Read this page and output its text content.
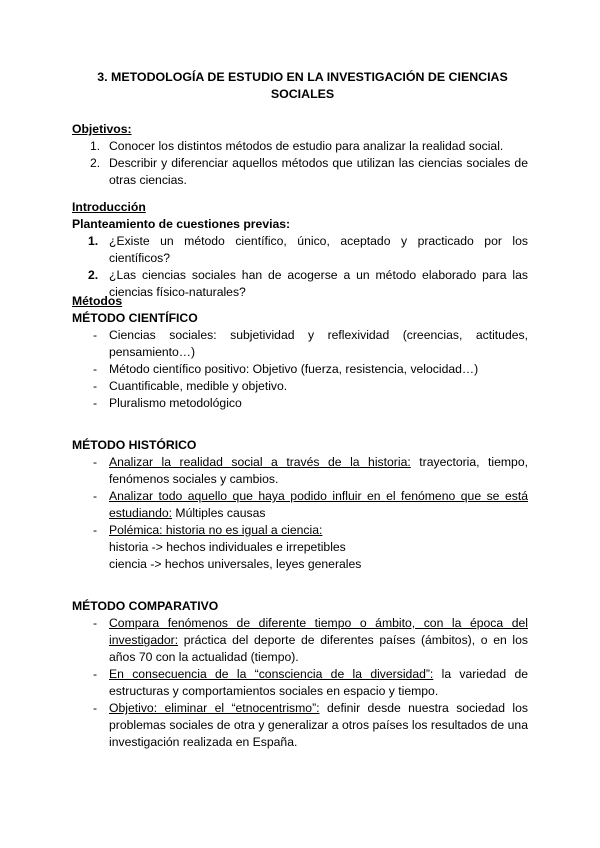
3. METODOLOGÍA DE ESTUDIO EN LA INVESTIGACIÓN DE CIENCIAS
SOCIALES
Objetivos:
1. Conocer los distintos métodos de estudio para analizar la realidad social.
2. Describir y diferenciar aquellos métodos que utilizan las ciencias sociales de otras ciencias.
Introducción
Planteamiento de cuestiones previas:
1. ¿Existe un método científico, único, aceptado y practicado por los científicos?
2. ¿Las ciencias sociales han de acogerse a un método elaborado para las ciencias físico-naturales?
Métodos
MÉTODO CIENTÍFICO
- Ciencias sociales: subjetividad y reflexividad (creencias, actitudes, pensamiento…)
- Método científico positivo: Objetivo (fuerza, resistencia, velocidad…)
- Cuantificable, medible y objetivo.
- Pluralismo metodológico
MÉTODO HISTÓRICO
- Analizar la realidad social a través de la historia: trayectoria, tiempo, fenómenos sociales y cambios.
- Analizar todo aquello que haya podido influir en el fenómeno que se está estudiando: Múltiples causas
- Polémica: historia no es igual a ciencia:
historia -> hechos individuales e irrepetibles
ciencia -> hechos universales, leyes generales
MÉTODO COMPARATIVO
- Compara fenómenos de diferente tiempo o ámbito, con la época del investigador: práctica del deporte de diferentes países (ámbitos), o en los años 70 con la actualidad (tiempo).
- En consecuencia de la “consciencia de la diversidad”: la variedad de estructuras y comportamientos sociales en espacio y tiempo.
- Objetivo: eliminar el “etnocentrismo”: definir desde nuestra sociedad los problemas sociales de otra y generalizar a otros países los resultados de una investigación realizada en España.
